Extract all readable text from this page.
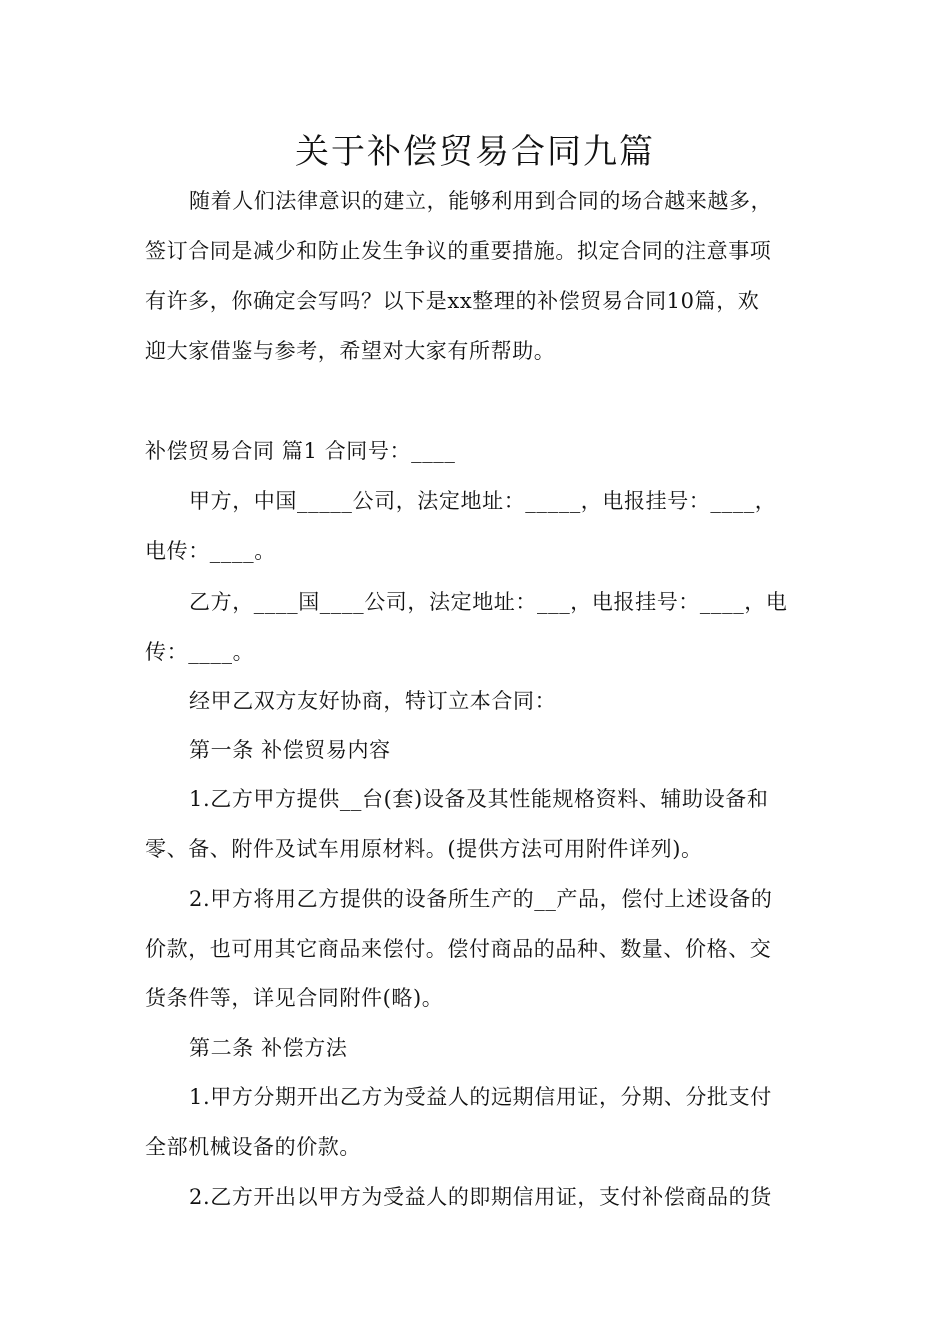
关于补偿贸易合同九篇
随着人们法律意识的建立，能够利用到合同的场合越来越多，
签订合同是减少和防止发生争议的重要措施。拟定合同的注意事项
有许多，你确定会写吗？以下是xx整理的补偿贸易合同10篇，欢
迎大家借鉴与参考，希望对大家有所帮助。
补偿贸易合同 篇1 合同号：____
甲方，中国_____公司，法定地址：_____，电报挂号：____，
电传：____。
乙方，____国____公司，法定地址：___，电报挂号：____，电
传：____。
经甲乙双方友好协商，特订立本合同：
第一条 补偿贸易内容
1.乙方甲方提供__台(套)设备及其性能规格资料、辅助设备和
零、备、附件及试车用原材料。(提供方法可用附件详列)。
2.甲方将用乙方提供的设备所生产的__产品，偿付上述设备的
价款，也可用其它商品来偿付。偿付商品的品种、数量、价格、交
货条件等，详见合同附件(略)。
第二条 补偿方法
1.甲方分期开出乙方为受益人的远期信用证，分期、分批支付
全部机械设备的价款。
2.乙方开出以甲方为受益人的即期信用证，支付补偿商品的货
